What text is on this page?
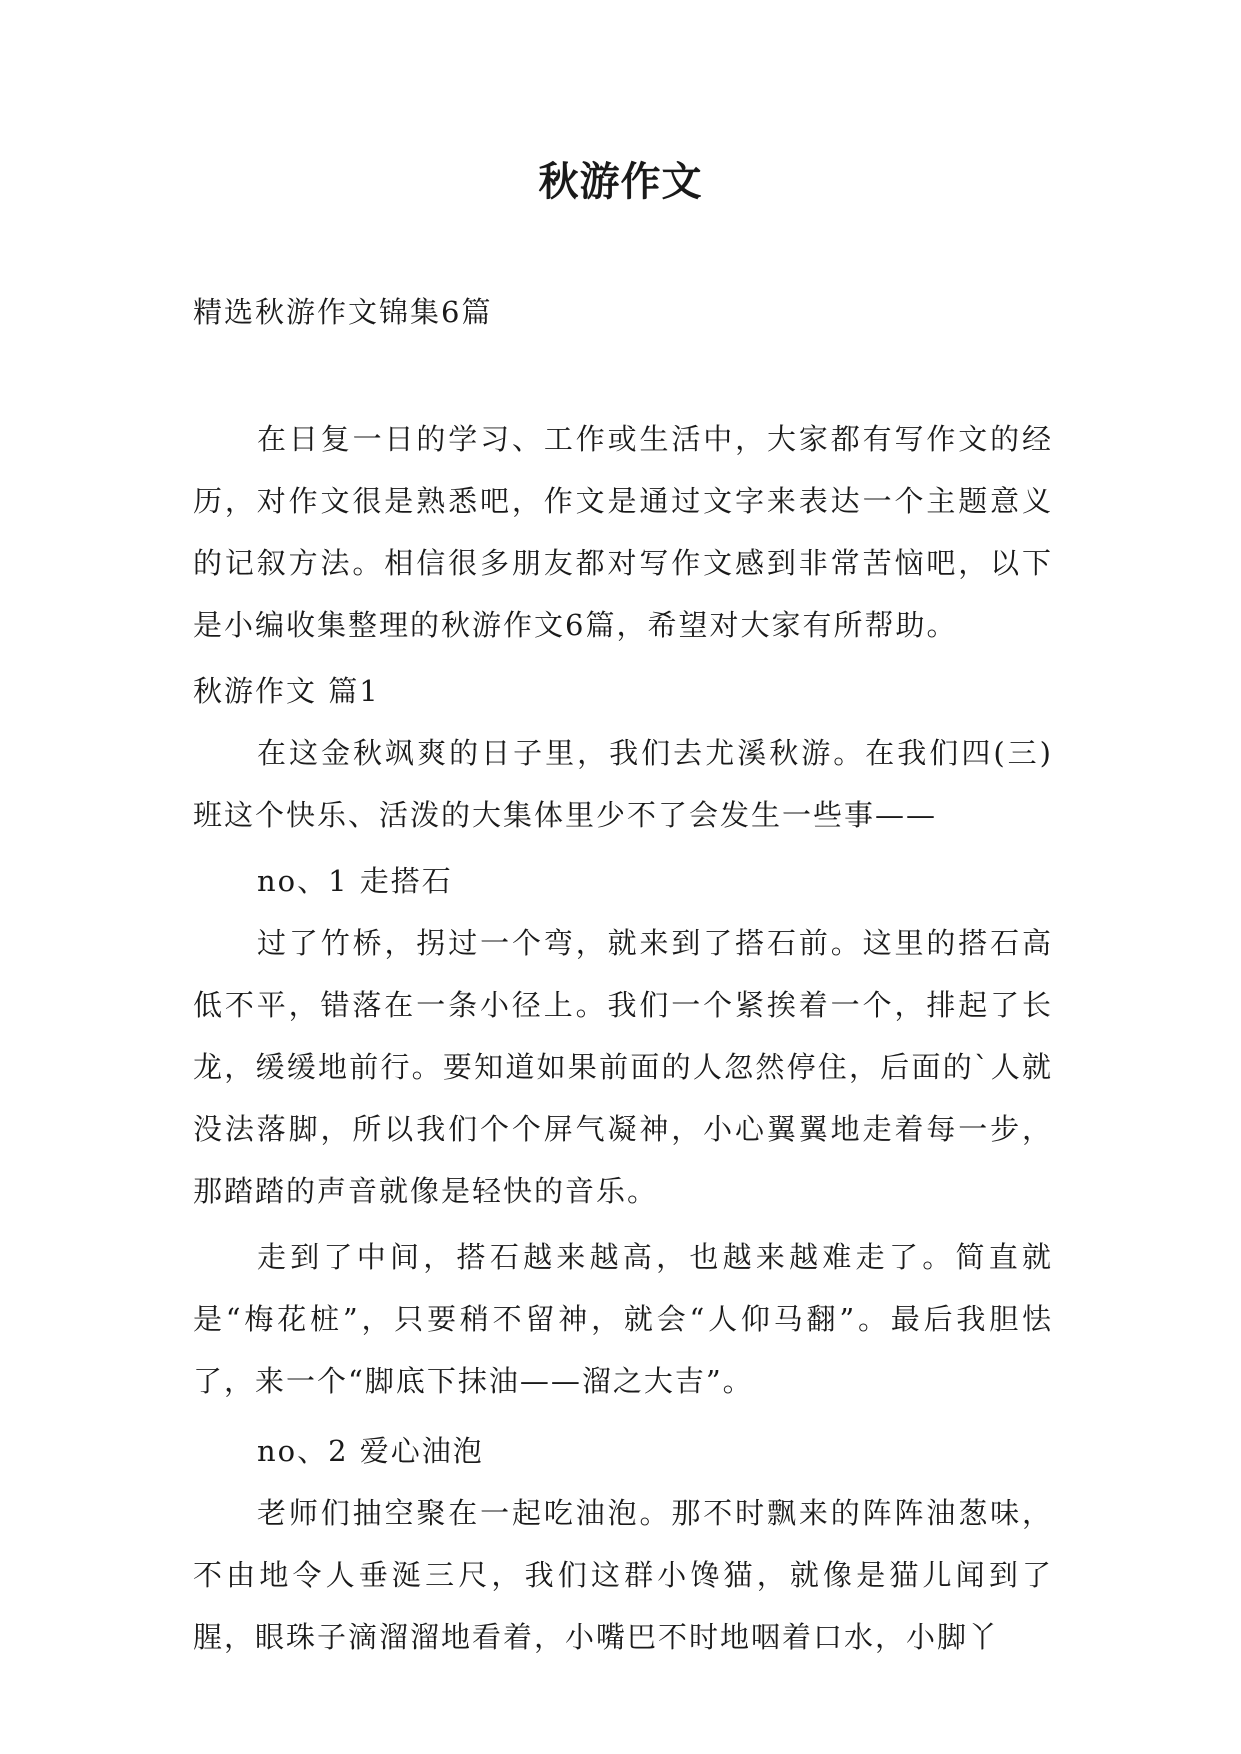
秋游作文

精选秋游作文锦集6篇

在日复一日的学习、工作或生活中，大家都有写作文的经历，对作文很是熟悉吧，作文是通过文字来表达一个主题意义的记叙方法。相信很多朋友都对写作文感到非常苦恼吧，以下是小编收集整理的秋游作文6篇，希望对大家有所帮助。

秋游作文 篇1

在这金秋飒爽的日子里，我们去尤溪秋游。在我们四(三)班这个快乐、活泼的大集体里少不了会发生一些事——

no、1 走搭石

过了竹桥，拐过一个弯，就来到了搭石前。这里的搭石高低不平，错落在一条小径上。我们一个紧挨着一个，排起了长龙，缓缓地前行。要知道如果前面的人忽然停住，后面的`人就没法落脚，所以我们个个屏气凝神，小心翼翼地走着每一步，那踏踏的声音就像是轻快的音乐。

走到了中间，搭石越来越高，也越来越难走了。简直就是“梅花桩”，只要稍不留神，就会“人仰马翻”。最后我胆怯了，来一个“脚底下抹油——溜之大吉”。

no、2 爱心油泡

老师们抽空聚在一起吃油泡。那不时飘来的阵阵油葱味，不由地令人垂涎三尺，我们这群小馋猫，就像是猫儿闻到了腥，眼珠子滴溜溜地看着，小嘴巴不时地咽着口水，小脚丫
